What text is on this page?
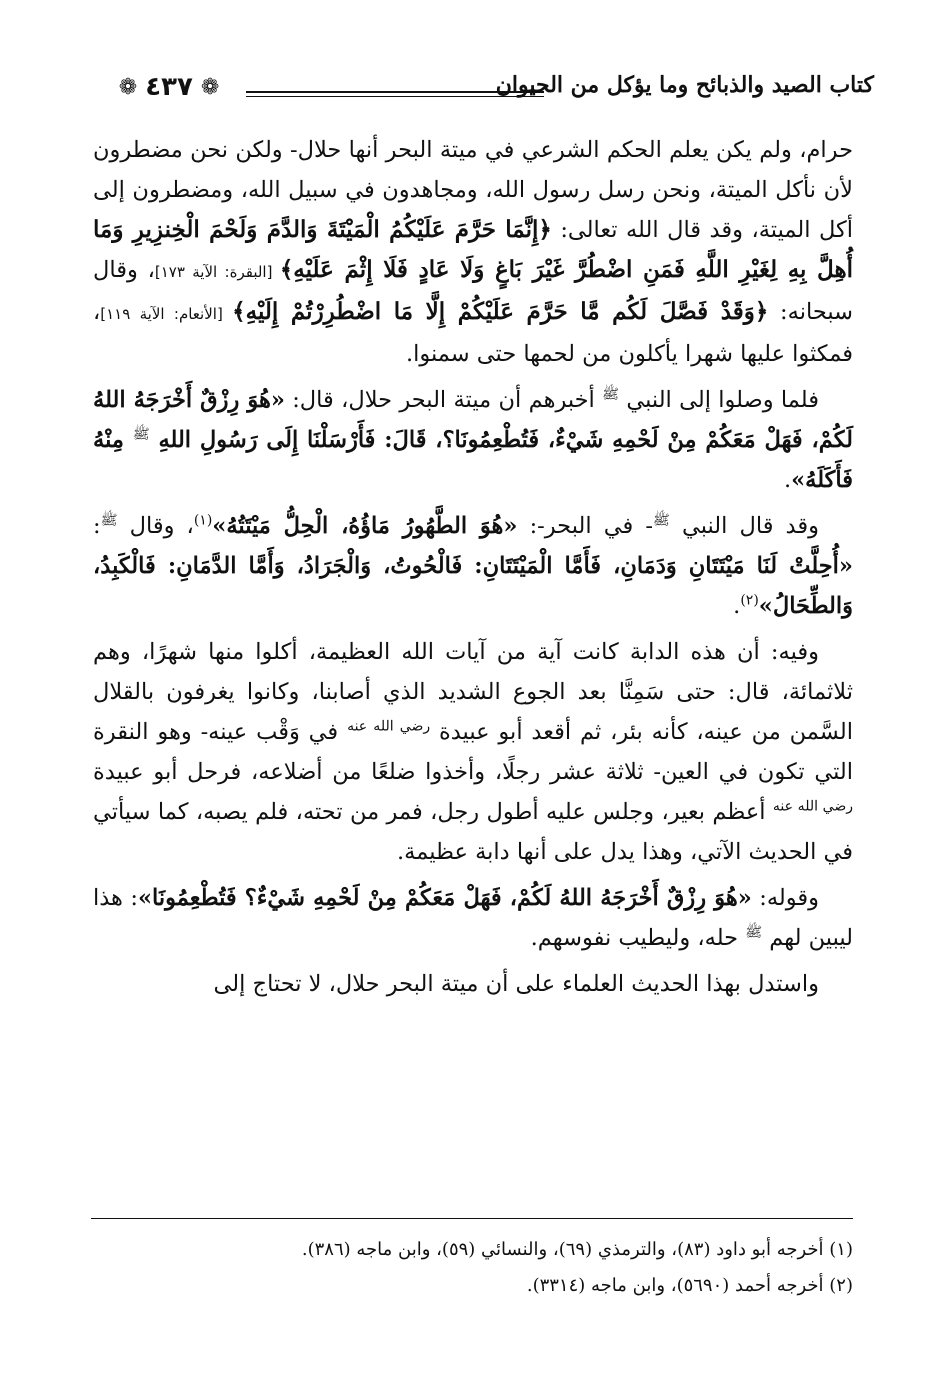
كتاب الصيد والذبائح وما يؤكل من الحيوان
❁
٤٣٧
❁

حرام، ولم يكن يعلم الحكم الشرعي في ميتة البحر أنها حلال- ولكن نحن مضطرون لأن نأكل الميتة، ونحن رسل رسول الله، ومجاهدون في سبيل الله، ومضطرون إلى أكل الميتة، وقد قال الله تعالى: ﴿إِنَّمَا حَرَّمَ عَلَيْكُمُ الْمَيْتَةَ وَالدَّمَ وَلَحْمَ الْخِنزِيرِ وَمَا أُهِلَّ بِهِ لِغَيْرِ اللَّهِ فَمَنِ اضْطُرَّ غَيْرَ بَاغٍ وَلَا عَادٍ فَلَا إِثْمَ عَلَيْهِ﴾ [البقرة: الآية ١٧٣]، وقال سبحانه: ﴿وَقَدْ فَصَّلَ لَكُم مَّا حَرَّمَ عَلَيْكُمْ إِلَّا مَا اضْطُرِرْتُمْ إِلَيْهِ﴾ [الأنعام: الآية ١١٩]، فمكثوا عليها شهرا يأكلون من لحمها حتى سمنوا.

فلما وصلوا إلى النبي $^ﷺ$ أخبرهم أن ميتة البحر حلال، قال: «هُوَ رِزْقٌ أَخْرَجَهُ اللهُ لَكُمْ، فَهَلْ مَعَكُمْ مِنْ لَحْمِهِ شَيْءٌ، فَتُطْعِمُونَا؟، قَالَ: فَأَرْسَلْنَا إِلَى رَسُولِ اللهِ $^ﷺ$ مِنْهُ فَأَكَلَهُ».

وقد قال النبي $^ﷺ$- في البحر-: «هُوَ الطَّهُورُ مَاؤُهُ، الْحِلُّ مَيْتَتُهُ»$^{(١)}$، وقال $^ﷺ$: «أُحِلَّتْ لَنَا مَيْتَتَانِ وَدَمَانِ، فَأَمَّا الْمَيْتَتَانِ: فَالْحُوتُ، وَالْجَرَادُ، وَأَمَّا الدَّمَانِ: فَالْكَبِدُ، وَالطِّحَالُ»$^{(٢)}$.

وفيه: أن هذه الدابة كانت آية من آيات الله العظيمة، أكلوا منها شهرًا، وهم ثلاثمائة، قال: حتى سَمِنَّا بعد الجوع الشديد الذي أصابنا، وكانوا يغرفون بالقلال السَّمن من عينه، كأنه بئر، ثم أقعد أبو عبيدة $^{رضي الله عنه}$ في وَقْب عينه- وهو النقرة التي تكون في العين- ثلاثة عشر رجلًا، وأخذوا ضلعًا من أضلاعه، فرحل أبو عبيدة $^{رضي الله عنه}$ أعظم بعير، وجلس عليه أطول رجل، فمر من تحته، فلم يصبه، كما سيأتي في الحديث الآتي، وهذا يدل على أنها دابة عظيمة.

وقوله: «هُوَ رِزْقٌ أَخْرَجَهُ اللهُ لَكُمْ، فَهَلْ مَعَكُمْ مِنْ لَحْمِهِ شَيْءٌ؟ فَتُطْعِمُونَا»: هذا ليبين لهم $^ﷺ$ حله، وليطيب نفوسهم.

واستدل بهذا الحديث العلماء على أن ميتة البحر حلال، لا تحتاج إلى

(١) أخرجه أبو داود (٨٣)، والترمذي (٦٩)، والنسائي (٥٩)، وابن ماجه (٣٨٦).

(٢) أخرجه أحمد (٥٦٩٠)، وابن ماجه (٣٣١٤).
